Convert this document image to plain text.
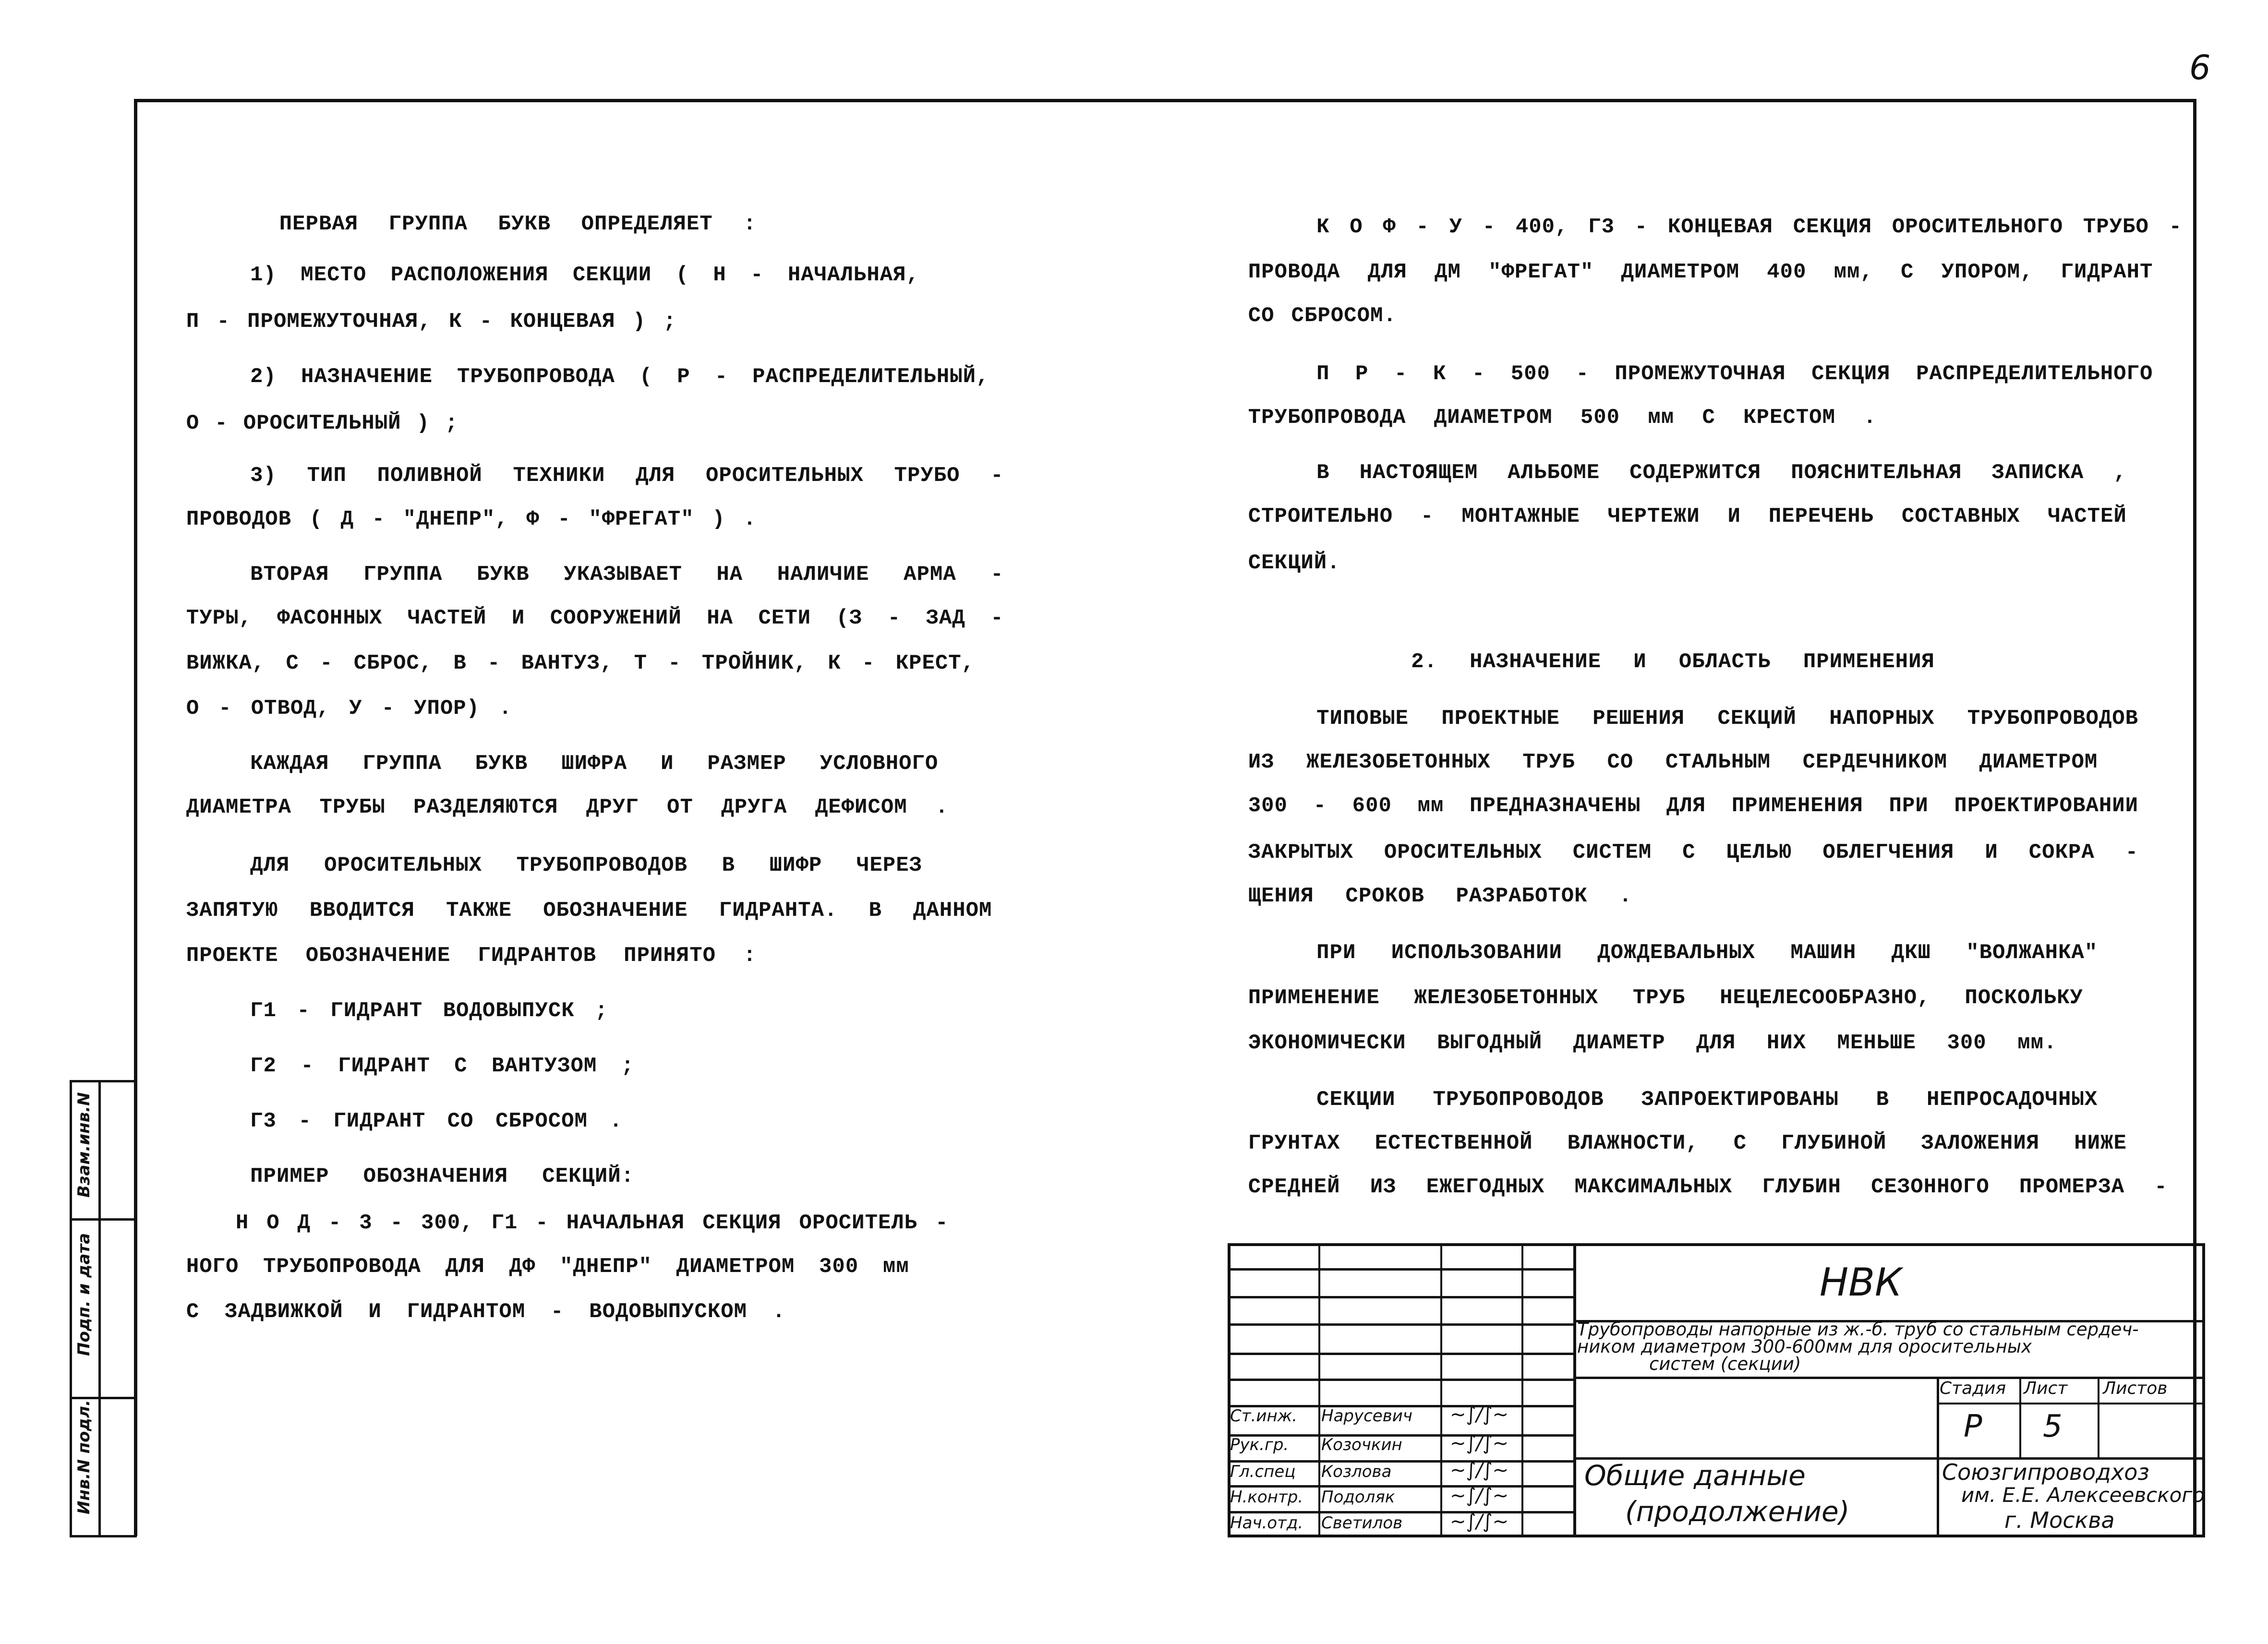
6
ПЕРВАЯ ГРУППА БУКВ ОПРЕДЕЛЯЕТ :
1) МЕСТО РАСПОЛОЖЕНИЯ СЕКЦИИ ( Н - НАЧАЛЬНАЯ,
П - ПРОМЕЖУТОЧНАЯ, К - КОНЦЕВАЯ ) ;
2) НАЗНАЧЕНИЕ ТРУБОПРОВОДА ( Р - РАСПРЕДЕЛИТЕЛЬНЫЙ,
О - ОРОСИТЕЛЬНЫЙ ) ;
3) ТИП ПОЛИВНОЙ ТЕХНИКИ ДЛЯ ОРОСИТЕЛЬНЫХ ТРУБО -
ПРОВОДОВ ( Д - "ДНЕПР", Ф - "ФРЕГАТ" ) .
ВТОРАЯ ГРУППА БУКВ УКАЗЫВАЕТ НА НАЛИЧИЕ АРМА -
ТУРЫ, ФАСОННЫХ ЧАСТЕЙ И СООРУЖЕНИЙ НА СЕТИ (З - ЗАД -
ВИЖКА, С - СБРОС, В - ВАНТУЗ, Т - ТРОЙНИК, К - КРЕСТ,
О - ОТВОД, У - УПОР) .
КАЖДАЯ ГРУППА БУКВ ШИФРА И РАЗМЕР УСЛОВНОГО
ДИАМЕТРА ТРУБЫ РАЗДЕЛЯЮТСЯ ДРУГ ОТ ДРУГА ДЕФИСОМ .
ДЛЯ ОРОСИТЕЛЬНЫХ ТРУБОПРОВОДОВ В ШИФР ЧЕРЕЗ
ЗАПЯТУЮ ВВОДИТСЯ ТАКЖЕ ОБОЗНАЧЕНИЕ ГИДРАНТА. В ДАННОМ
ПРОЕКТЕ ОБОЗНАЧЕНИЕ ГИДРАНТОВ ПРИНЯТО :
Г1 - ГИДРАНТ ВОДОВЫПУСК ;
Г2 - ГИДРАНТ С ВАНТУЗОМ ;
Г3 - ГИДРАНТ СО СБРОСОМ .
ПРИМЕР ОБОЗНАЧЕНИЯ СЕКЦИЙ:
Н О Д - 3 - 300, Г1 - НАЧАЛЬНАЯ СЕКЦИЯ ОРОСИТЕЛЬ -
НОГО ТРУБОПРОВОДА ДЛЯ ДФ "ДНЕПР" ДИАМЕТРОМ 300 мм
С ЗАДВИЖКОЙ И ГИДРАНТОМ - ВОДОВЫПУСКОМ .
К О Ф - У - 400, Г3 - КОНЦЕВАЯ СЕКЦИЯ ОРОСИТЕЛЬНОГО ТРУБО -
ПРОВОДА ДЛЯ ДМ "ФРЕГАТ" ДИАМЕТРОМ 400 мм, С УПОРОМ, ГИДРАНТ
СО СБРОСОМ.
П Р - К - 500 - ПРОМЕЖУТОЧНАЯ СЕКЦИЯ РАСПРЕДЕЛИТЕЛЬНОГО
ТРУБОПРОВОДА ДИАМЕТРОМ 500 мм С КРЕСТОМ .
В НАСТОЯЩЕМ АЛЬБОМЕ СОДЕРЖИТСЯ ПОЯСНИТЕЛЬНАЯ ЗАПИСКА ,
СТРОИТЕЛЬНО - МОНТАЖНЫЕ ЧЕРТЕЖИ И ПЕРЕЧЕНЬ СОСТАВНЫХ ЧАСТЕЙ
СЕКЦИЙ.
2. НАЗНАЧЕНИЕ И ОБЛАСТЬ ПРИМЕНЕНИЯ
ТИПОВЫЕ ПРОЕКТНЫЕ РЕШЕНИЯ СЕКЦИЙ НАПОРНЫХ ТРУБОПРОВОДОВ
ИЗ ЖЕЛЕЗОБЕТОННЫХ ТРУБ СО СТАЛЬНЫМ СЕРДЕЧНИКОМ ДИАМЕТРОМ
300 - 600 мм ПРЕДНАЗНАЧЕНЫ ДЛЯ ПРИМЕНЕНИЯ ПРИ ПРОЕКТИРОВАНИИ
ЗАКРЫТЫХ ОРОСИТЕЛЬНЫХ СИСТЕМ С ЦЕЛЬЮ ОБЛЕГЧЕНИЯ И СОКРА -
ЩЕНИЯ СРОКОВ РАЗРАБОТОК .
ПРИ ИСПОЛЬЗОВАНИИ ДОЖДЕВАЛЬНЫХ МАШИН ДКШ "ВОЛЖАНКА"
ПРИМЕНЕНИЕ ЖЕЛЕЗОБЕТОННЫХ ТРУБ НЕЦЕЛЕСООБРАЗНО, ПОСКОЛЬКУ
ЭКОНОМИЧЕСКИ ВЫГОДНЫЙ ДИАМЕТР ДЛЯ НИХ МЕНЬШЕ 300 мм.
СЕКЦИИ ТРУБОПРОВОДОВ ЗАПРОЕКТИРОВАНЫ В НЕПРОСАДОЧНЫХ
ГРУНТАХ ЕСТЕСТВЕННОЙ ВЛАЖНОСТИ, С ГЛУБИНОЙ ЗАЛОЖЕНИЯ НИЖЕ
СРЕДНЕЙ ИЗ ЕЖЕГОДНЫХ МАКСИМАЛЬНЫХ ГЛУБИН СЕЗОННОГО ПРОМЕРЗА -
НВК
Трубопроводы напорные из ж.-б. труб со стальным сердеч-
ником диаметром 300-600мм для оросительных
систем (секции)
Стадия Лист Листов
Р 5
Общие данные
(продолжение)
Союзгипроводхоз
им. Е.Е. Алексеевского
г. Москва
Ст.инж. Нарусевич ~∫∕∫~
Рук.гр. Козочкин ~∫∕∫~
Гл.спец Козлова	~∫∕∫~
Н.контр. Подоляк	~∫∕∫~
Нач.отд. Светилов ~∫∕∫~
Взам.инв.N
Подп. и дата
Инв.N подл.
